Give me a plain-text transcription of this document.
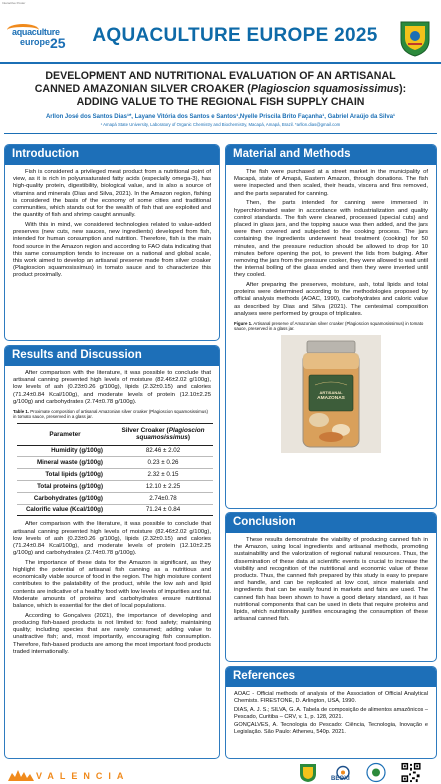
Interactive Poster
aquaculture
europe 25 AQUACULTURE EUROPE 2025
DEVELOPMENT AND NUTRITIONAL EVALUATION OF AN ARTISANAL
CANNED AMAZONIAN SILVER CROAKER (Plagioscion squamosissimus):
ADDING VALUE TO THE REGIONAL FISH SUPPLY CHAIN
Arllon José dos Santos Dias¹*, Layane Vitória dos Santos e Santos¹,Nyelle Priscila Brito Façanha¹, Gabriel Araújo da Silva¹
¹ Amapá State University, Laboratory of Organic Chemistry and Biochemistry, Macapá, Amapá, Brazil. *arllon.dias@gmail.com
Introduction

Fish is considered a privileged meat product from a nutritional point of view, as it is rich in polyunsaturated fatty acids (especially omega-3), has high-quality protein, digestibility, biological value, and is also a source of vitamins and minerals (Dias and Silva, 2021). In the Amazon region, fishing is considered the basis of the economy of some cities and traditional communities, which stands out for the wealth of fish that are exploited and the quantity of fish and shrimp caught annually.

With this in mind, we considered technologies related to value-added preserves (new cuts, new sauces, new ingredients) developed from fish, intended for human consumption and nutrition. Therefore, fish is the main food source in the Amazon region and according to FAO data indicating that this same consumption tends to increase on a national and global scale, this work aimed to develop an artisanal preserve made from silver croaker (Plagioscion squamosissimus) in tomato sauce and to characterize this product proximally.

Results and Discussion

After comparison with the literature, it was possible to conclude that artisanal canning presented high levels of moisture (82.46±2.02 g/100g), low levels of ash (0.23±0.26 g/100g), lipids (2.32±0.15) and calories (71.24±0.84 Kcal/100g), and moderate levels of protein (12.10±2.25 g/100g) and carbohydrates (2.74±0.78 g/100g).

Table 1. Proximate composition of artisanal Amazonian silver croaker (Plagioscion squamosissimus) in tomato sauce, preserved in a glass jar.
Parameter	Silver Croaker (Plagioscion squamosissimus)
Humidity (g/100g)	82.46 ± 2.02
Mineral waste (g/100g)	0.23 ± 0.26
Total lipids (g/100g)	2.32 ± 0.15
Total proteins (g/100g)	12.10 ± 2.25
Carbohydrates (g/100g)	2.74±0.78
Calorific value (Kcal/100g)	71.24 ± 0.84

After comparison with the literature, it was possible to conclude that artisanal canning presented high levels of moisture (82.46±2.02 g/100g), low levels of ash (0.23±0.26 g/100g), lipids (2.32±0.15) and calories (71.24±0.84 Kcal/100g), and moderate levels of protein (12.10±2.25 g/100g) and carbohydrates (2.74±0.78 g/100g).

The importance of these data for the Amazon is significant, as they highlight the potential of artisanal fish canning as a nutritious and economically viable source of food in the region. The high moisture content contributes to the palatability of the product, while the low ash and lipid contents are indicative of a healthy food with low levels of impurities and fat. Moderate amounts of proteins and carbohydrates ensure nutritional balance, which is essential for the diet of local populations.

According to Gonçalves (2021), the importance of developing and producing fish-based products is not limited to: food safety; maintaining quality; including species that are rarely consumed; adding value to unattractive fish; and, most importantly, encouraging fish consumption. Therefore, fish-based products are among the most important food products traded internationally.

Material and Methods

The fish were purchased at a street market in the municipality of Macapá, state of Amapá, Eastern Amazon, through donations. The fish were inspected and then scaled, their heads, viscera and fins removed, and the parts separated for canning.

Then, the parts intended for canning were immersed in hyperchlorinated water in accordance with industrialization and quality control standards. The fish were cleaned, processed (special cuts) and placed in glass jars, and the topping sauce was then added, and the jars were then covered and subjected to the cooking process. The jars containing the ingredients underwent heat treatment (cooking) for 50 minutes, and the pressure reduction should be allowed to drop for 10 minutes before opening the pot, to prevent the lids from bulging. After removing the jars from the pressure cooker, they were allowed to wait until the internal boiling of the glass ended and then they were inverted until they cooled.

After preparing the preserves, moisture, ash, total lipids and total proteins were determined according to the methodologies proposed by official analysis methods (AOAC, 1990), carbohydrates and caloric value as described by Dias and Silva (2021). The centesimal composition analyses were performed by groups of triplicates.

Figure 1. Artisanal preserve of Amazonian silver croaker (Plagioscion squamosissimus) in tomato sauce, preserved in a glass jar.
ARTISANAL
AMAZONAS
Conclusion

These results demonstrate the viability of producing canned fish in the Amazon, using local ingredients and artisanal methods, promoting sustainability and the valorization of regional natural resources. Thus, the dissemination of these data at scientific events is crucial to increase the visibility and recognition of the nutritional and economic value of these products. Thus, the canned fish prepared by this study is easy to prepare and handle, and can be replicated at low cost, since materials and ingredients that can be easily found in markets and fairs are used. The canned fish has been shown to have a good dietary standard, as it has nutritional components that can be used in diets that require proteins and lipids, which nutritionally justifies encouraging the consumption of these artisanal canned fish.

References

AOAC - Official methods of analysis of the Association of Official Analytical Chemists. FIRESTONE, D. Arlington, USA, 1990.

DIAS, A. J. S.; SILVA, G. A. Tabela de composição de alimentos amazônicos – Pescado, Curitiba – CRV, v. 1, p. 128, 2021.

GONÇALVES, A. Tecnologia do Pescado: Ciência, Tecnologia, Inovação e Legislação. São Paulo: Atheneu, 540p. 2021.

VALENCIA	BEOXI
